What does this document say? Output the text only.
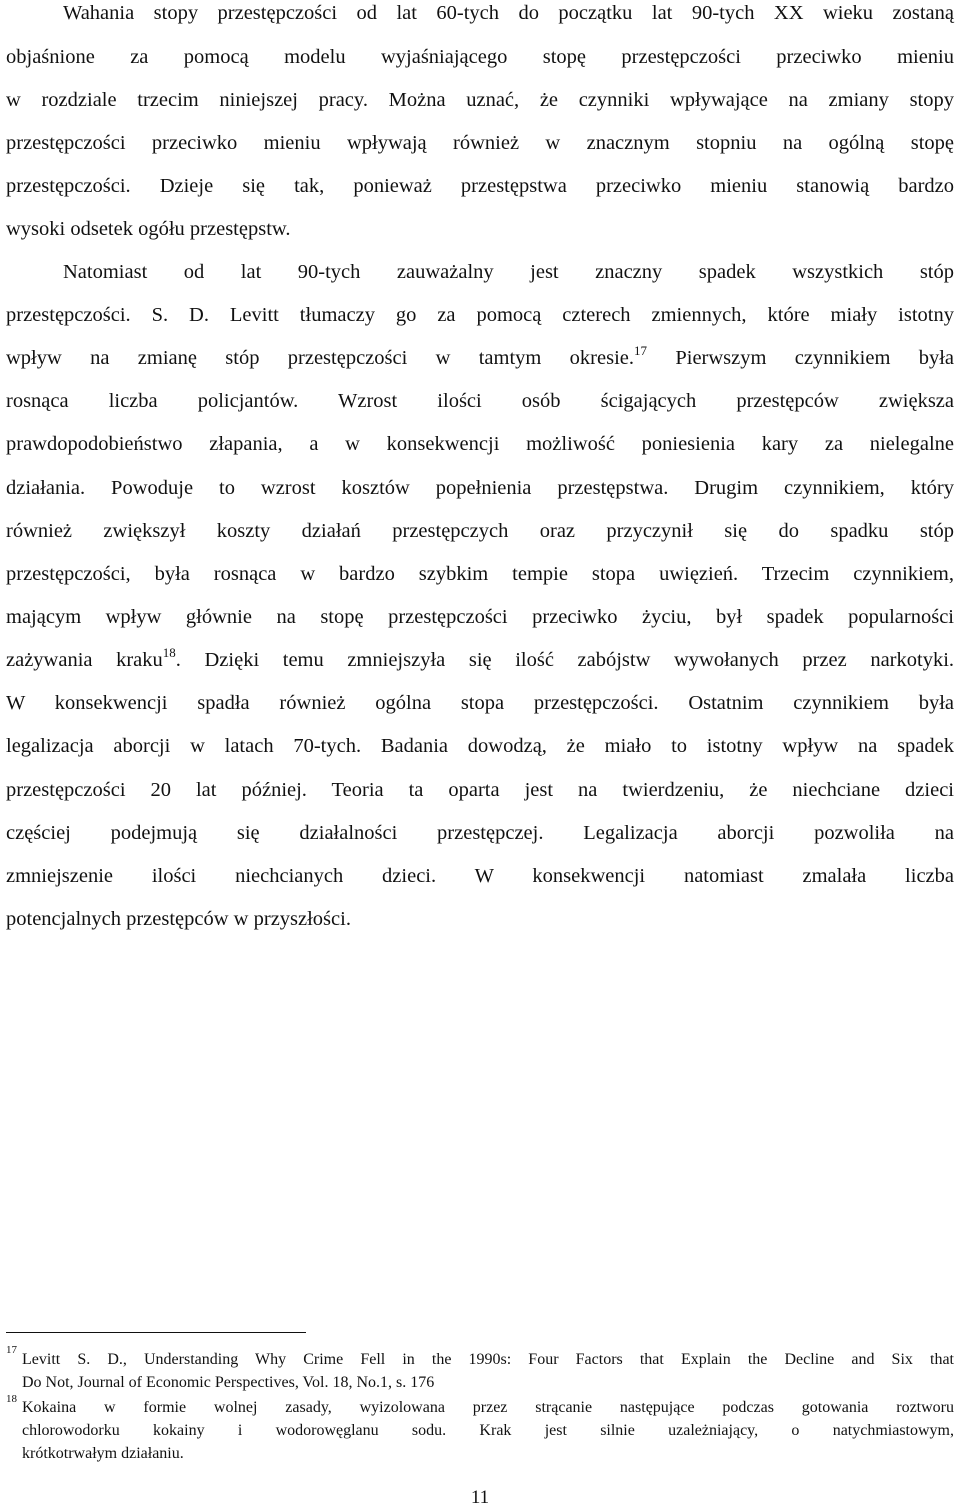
Wahania stopy przestępczości od lat 60-tych do początku lat 90-tych XX wieku zostaną
objaśnione za pomocą modelu wyjaśniającego stopę przestępczości przeciwko mieniu
w rozdziale trzecim niniejszej pracy. Można uznać, że czynniki wpływające na zmiany stopy
przestępczości przeciwko mieniu wpływają również w znacznym stopniu na ogólną stopę
przestępczości. Dzieje się tak, ponieważ przestępstwa przeciwko mieniu stanowią bardzo
wysoki odsetek ogółu przestępstw.
Natomiast od lat 90-tych zauważalny jest znaczny spadek wszystkich stóp
przestępczości. S. D. Levitt tłumaczy go za pomocą czterech zmiennych, które miały istotny
wpływ na zmianę stóp przestępczości w tamtym okresie.$^{17}$ Pierwszym czynnikiem była
rosnąca liczba policjantów. Wzrost ilości osób ścigających przestępców zwiększa
prawdopodobieństwo złapania, a w konsekwencji możliwość poniesienia kary za nielegalne
działania. Powoduje to wzrost kosztów popełnienia przestępstwa. Drugim czynnikiem, który
również zwiększył koszty działań przestępczych oraz przyczynił się do spadku stóp
przestępczości, była rosnąca w bardzo szybkim tempie stopa uwięzień. Trzecim czynnikiem,
mającym wpływ głównie na stopę przestępczości przeciwko życiu, był spadek popularności
zażywania kraku$^{18}$. Dzięki temu zmniejszyła się ilość zabójstw wywołanych przez narkotyki.
W konsekwencji spadła również ogólna stopa przestępczości. Ostatnim czynnikiem była
legalizacja aborcji w latach 70-tych. Badania dowodzą, że miało to istotny wpływ na spadek
przestępczości 20 lat później. Teoria ta oparta jest na twierdzeniu, że niechciane dzieci
częściej podejmują się działalności przestępczej. Legalizacja aborcji pozwoliła na
zmniejszenie ilości niechcianych dzieci. W konsekwencji natomiast zmalała liczba
potencjalnych przestępców w przyszłości.
17
Levitt S. D., Understanding Why Crime Fell in the 1990s: Four Factors that Explain the Decline and Six that
Do Not, Journal of Economic Perspectives, Vol. 18, No.1, s. 176
18 Kokaina w formie wolnej zasady, wyizolowana przez strącanie następujące podczas gotowania roztworu
chlorowodorku kokainy i wodorowęglanu sodu. Krak jest silnie uzależniający, o natychmiastowym,
krótkotrwałym działaniu.
11
